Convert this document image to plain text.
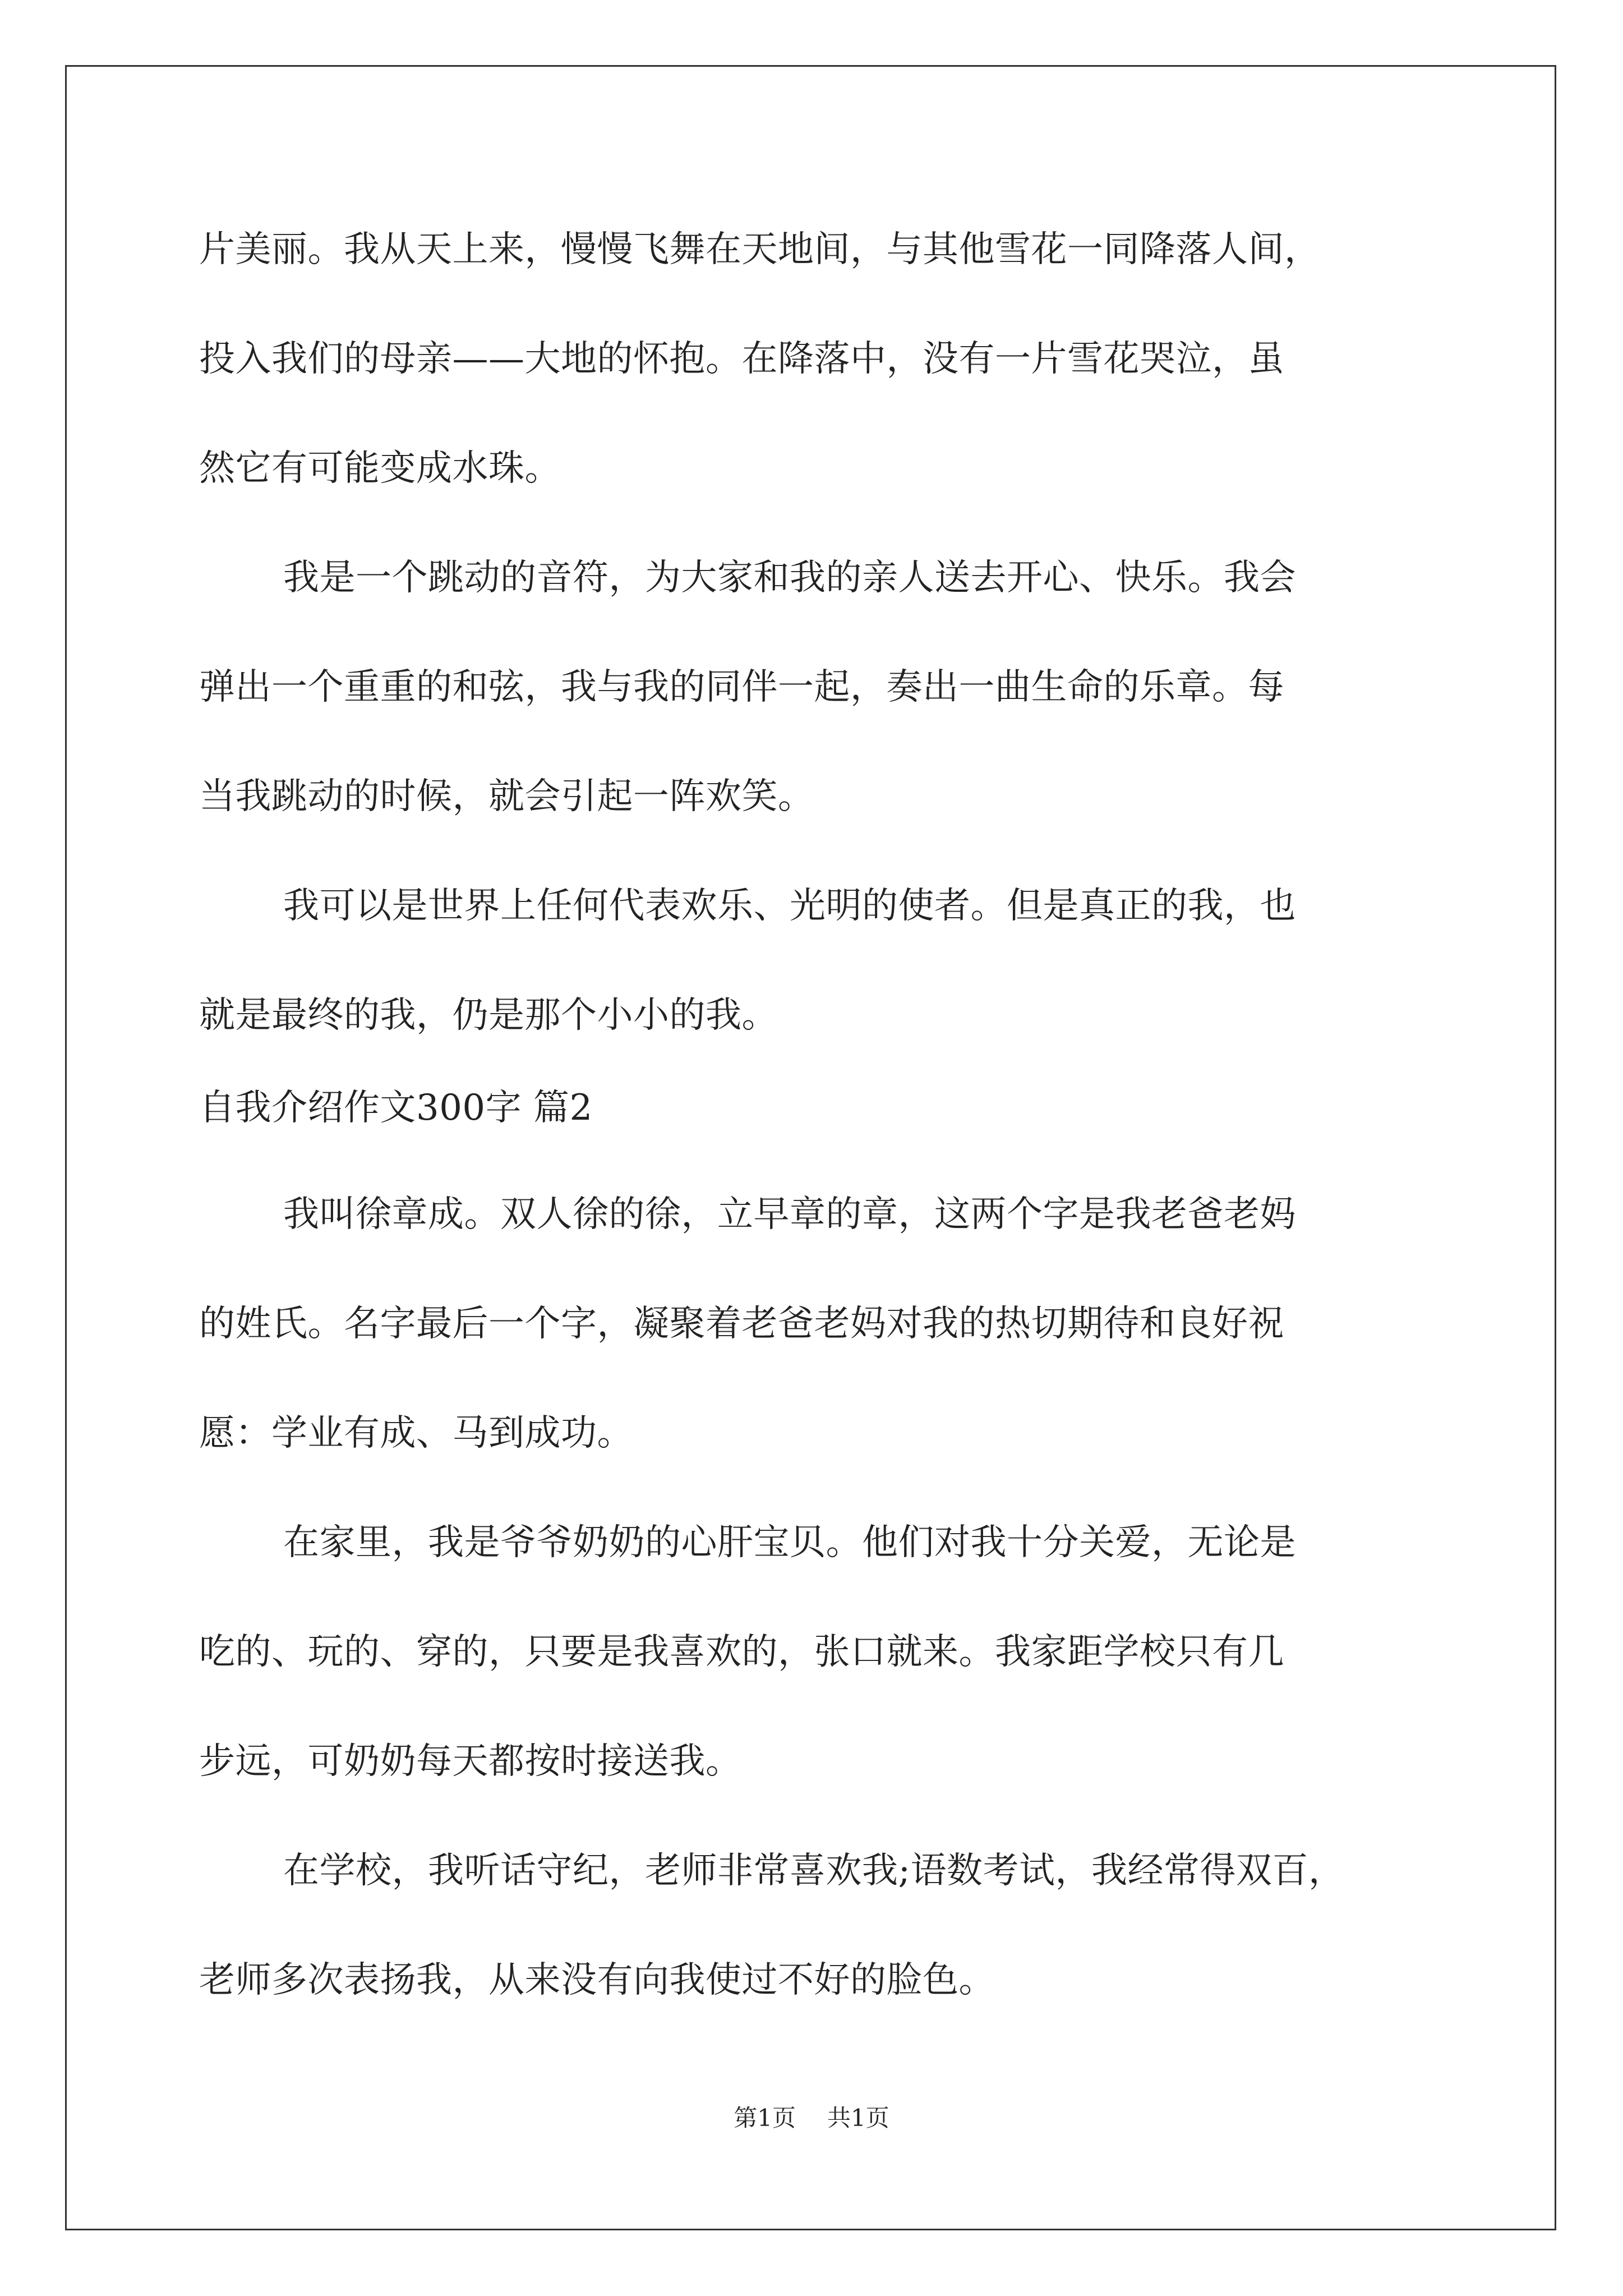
片美丽。我从天上来，慢慢飞舞在天地间，与其他雪花一同降落人间，
投入我们的母亲——大地的怀抱。在降落中，没有一片雪花哭泣，虽
然它有可能变成水珠。
我是一个跳动的音符，为大家和我的亲人送去开心、快乐。我会
弹出一个重重的和弦，我与我的同伴一起，奏出一曲生命的乐章。每
当我跳动的时候，就会引起一阵欢笑。
我可以是世界上任何代表欢乐、光明的使者。但是真正的我，也
就是最终的我，仍是那个小小的我。
自我介绍作文300字 篇2
我叫徐章成。双人徐的徐，立早章的章，这两个字是我老爸老妈
的姓氏。名字最后一个字，凝聚着老爸老妈对我的热切期待和良好祝
愿：学业有成、马到成功。
在家里，我是爷爷奶奶的心肝宝贝。他们对我十分关爱，无论是
吃的、玩的、穿的，只要是我喜欢的，张口就来。我家距学校只有几
步远，可奶奶每天都按时接送我。
在学校，我听话守纪，老师非常喜欢我;语数考试，我经常得双百，
老师多次表扬我，从来没有向我使过不好的脸色。
第1页 共1页
